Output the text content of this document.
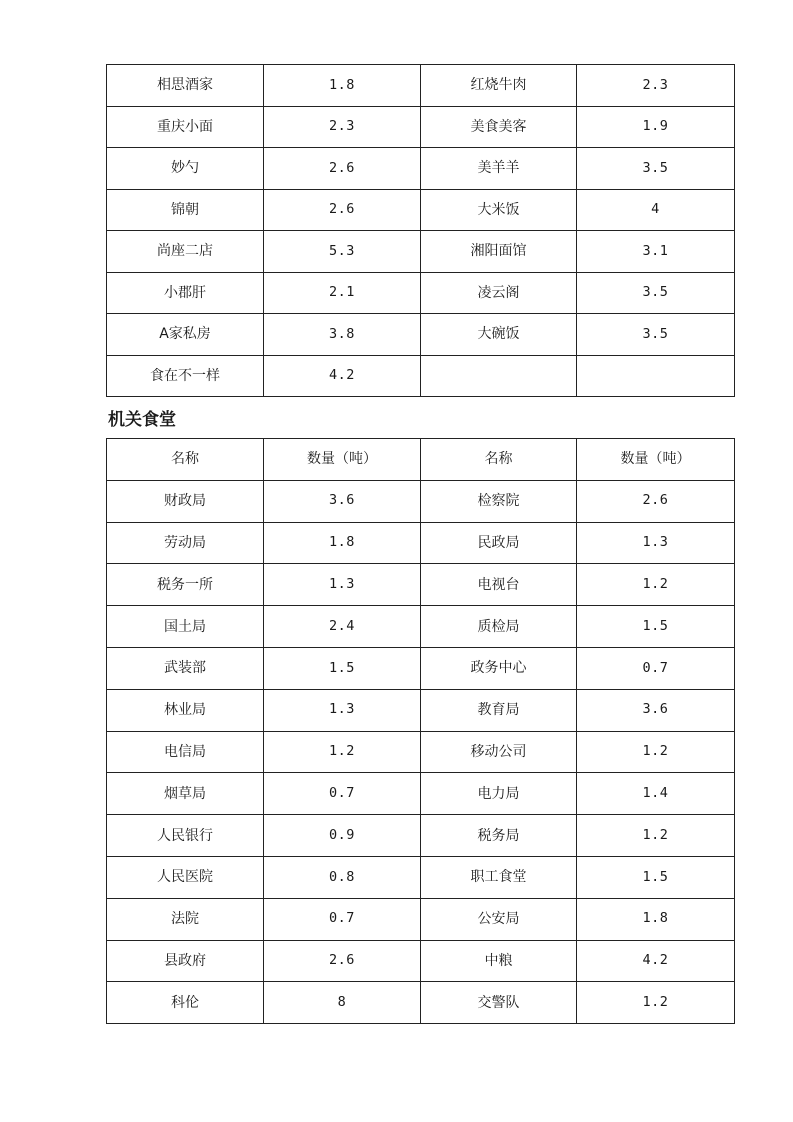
相思酒家	1.8	红烧牛肉	2.3
重庆小面	2.3	美食美客	1.9
妙勺	2.6	美羊羊	3.5
锦朝	2.6	大米饭	4
尚座二店	5.3	湘阳面馆	3.1
小郡肝	2.1	凌云阁	3.5
A家私房	3.8	大碗饭	3.5
食在不一样	4.2		
机关食堂
名称	数量（吨）	名称	数量（吨）
财政局	3.6	检察院	2.6
劳动局	1.8	民政局	1.3
税务一所	1.3	电视台	1.2
国土局	2.4	质检局	1.5
武装部	1.5	政务中心	0.7
林业局	1.3	教育局	3.6
电信局	1.2	移动公司	1.2
烟草局	0.7	电力局	1.4
人民银行	0.9	税务局	1.2
人民医院	0.8	职工食堂	1.5
法院	0.7	公安局	1.8
县政府	2.6	中粮	4.2
科伦	8	交警队	1.2
